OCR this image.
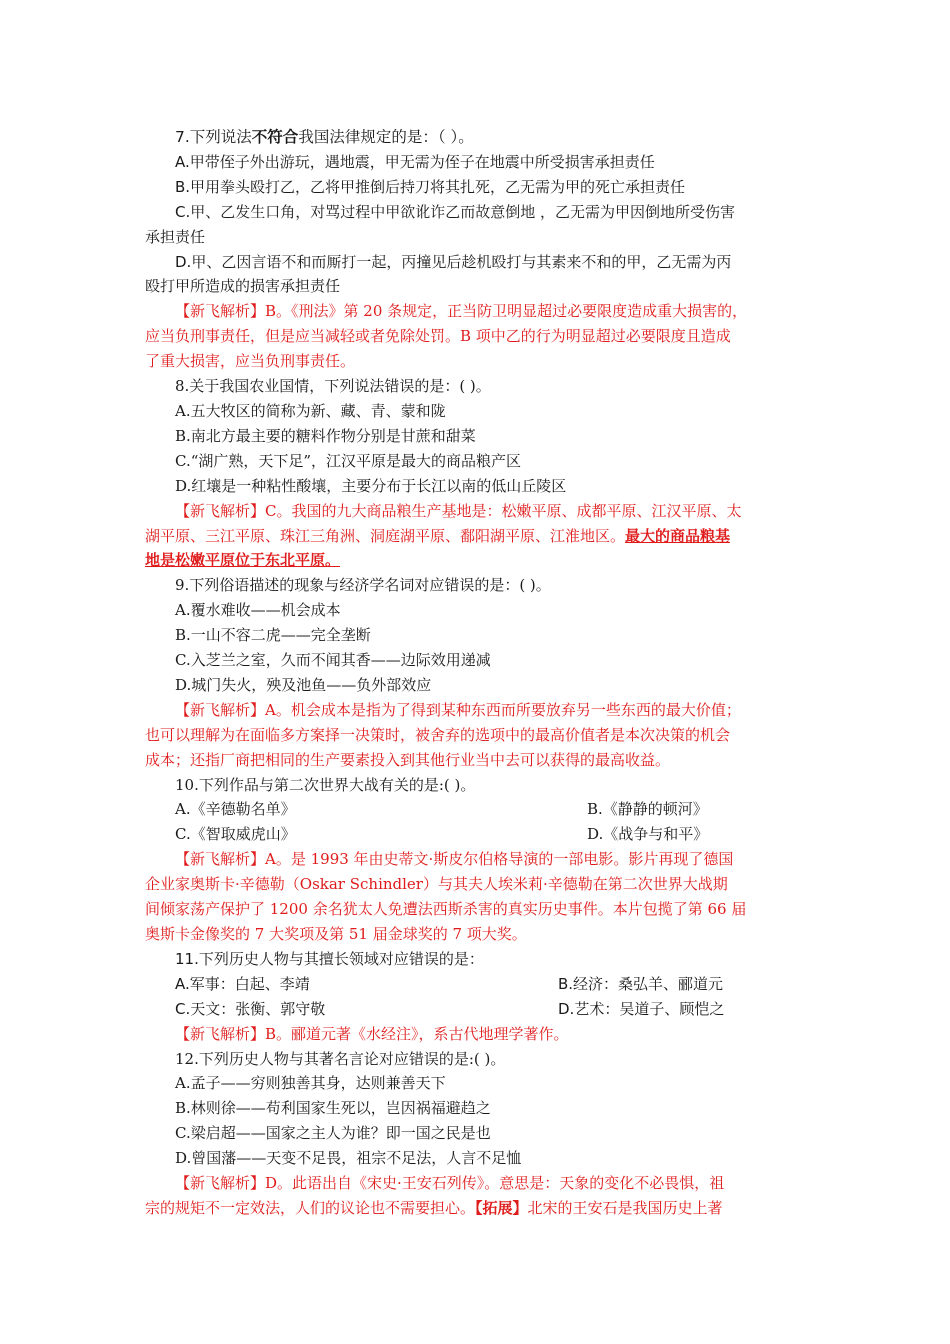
7.下列说法不符合我国法律规定的是：（ ）。
A.甲带侄子外出游玩，遇地震，甲无需为侄子在地震中所受损害承担责任
B.甲用拳头殴打乙，乙将甲推倒后持刀将其扎死，乙无需为甲的死亡承担责任
C.甲、乙发生口角，对骂过程中甲欲讹诈乙而故意倒地 ，乙无需为甲因倒地所受伤害
承担责任
D.甲、乙因言语不和而厮打一起，丙撞见后趁机殴打与其素来不和的甲，乙无需为丙
殴打甲所造成的损害承担责任
【新飞解析】B。《刑法》第 20 条规定，正当防卫明显超过必要限度造成重大损害的，
应当负刑事责任，但是应当减轻或者免除处罚。B 项中乙的行为明显超过必要限度且造成
了重大损害，应当负刑事责任。
8.关于我国农业国情，下列说法错误的是：( )。
A.五大牧区的简称为新、藏、青、蒙和陇
B.南北方最主要的糖料作物分别是甘蔗和甜菜
C.“湖广熟，天下足”，江汉平原是最大的商品粮产区
D.红壤是一种粘性酸壤，主要分布于长江以南的低山丘陵区
【新飞解析】C。我国的九大商品粮生产基地是：松嫩平原、成都平原、江汉平原、太
湖平原、三江平原、珠江三角洲、洞庭湖平原、鄱阳湖平原、江淮地区。最大的商品粮基
地是松嫩平原位于东北平原。
9.下列俗语描述的现象与经济学名词对应错误的是：( )。
A.覆水难收——机会成本
B.一山不容二虎——完全垄断
C.入芝兰之室，久而不闻其香——边际效用递减
D.城门失火，殃及池鱼——负外部效应
【新飞解析】A。机会成本是指为了得到某种东西而所要放弃另一些东西的最大价值；
也可以理解为在面临多方案择一决策时，被舍弃的选项中的最高价值者是本次决策的机会
成本；还指厂商把相同的生产要素投入到其他行业当中去可以获得的最高收益。
10.下列作品与第二次世界大战有关的是:( )。
A.《辛德勒名单》	B.《静静的顿河》
C.《智取威虎山》	D.《战争与和平》
【新飞解析】A。是 1993 年由史蒂文·斯皮尔伯格导演的一部电影。影片再现了德国
企业家奥斯卡·辛德勒（Oskar Schindler）与其夫人埃米莉·辛德勒在第二次世界大战期
间倾家荡产保护了 1200 余名犹太人免遭法西斯杀害的真实历史事件。本片包揽了第 66 届
奥斯卡金像奖的 7 大奖项及第 51 届金球奖的 7 项大奖。
11.下列历史人物与其擅长领域对应错误的是：
A.军事：白起、李靖	B.经济：桑弘羊、郦道元
C.天文：张衡、郭守敬	D.艺术：吴道子、顾恺之
【新飞解析】B。郦道元著《水经注》，系古代地理学著作。
12.下列历史人物与其著名言论对应错误的是:( )。
A.孟子——穷则独善其身，达则兼善天下
B.林则徐——苟利国家生死以，岂因祸福避趋之
C.梁启超——国家之主人为谁？即一国之民是也
D.曾国藩——天变不足畏，祖宗不足法，人言不足恤
【新飞解析】D。此语出自《宋史·王安石列传》。意思是：天象的变化不必畏惧，祖
宗的规矩不一定效法，人们的议论也不需要担心。【拓展】北宋的王安石是我国历史上著
